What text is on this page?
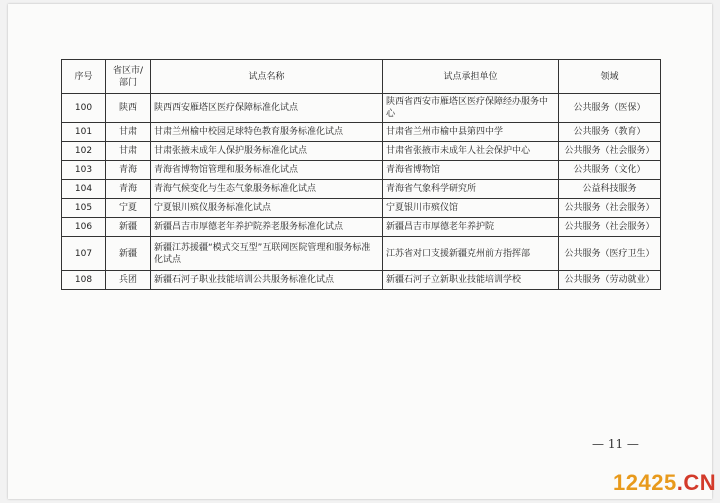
序号	省区市/部门	试点名称	试点承担单位	领域
100	陕西	陕西西安雁塔区医疗保障标准化试点	陕西省西安市雁塔区医疗保障经办服务中心	公共服务（医保）
101	甘肃	甘肃兰州榆中校园足球特色教育服务标准化试点	甘肃省兰州市榆中县第四中学	公共服务（教育）
102	甘肃	甘肃张掖未成年人保护服务标准化试点	甘肃省张掖市未成年人社会保护中心	公共服务（社会服务）
103	青海	青海省博物馆管理和服务标准化试点	青海省博物馆	公共服务（文化）
104	青海	青海气候变化与生态气象服务标准化试点	青海省气象科学研究所	公益科技服务
105	宁夏	宁夏银川殡仪服务标准化试点	宁夏银川市殡仪馆	公共服务（社会服务）
106	新疆	新疆昌吉市厚德老年养护院养老服务标准化试点	新疆昌吉市厚德老年养护院	公共服务（社会服务）
107	新疆	新疆江苏援疆“模式交互型”互联网医院管理和服务标准化试点	江苏省对口支援新疆克州前方指挥部	公共服务（医疗卫生）
108	兵团	新疆石河子职业技能培训公共服务标准化试点	新疆石河子立新职业技能培训学校	公共服务（劳动就业）
— 11 —
12425.CN
